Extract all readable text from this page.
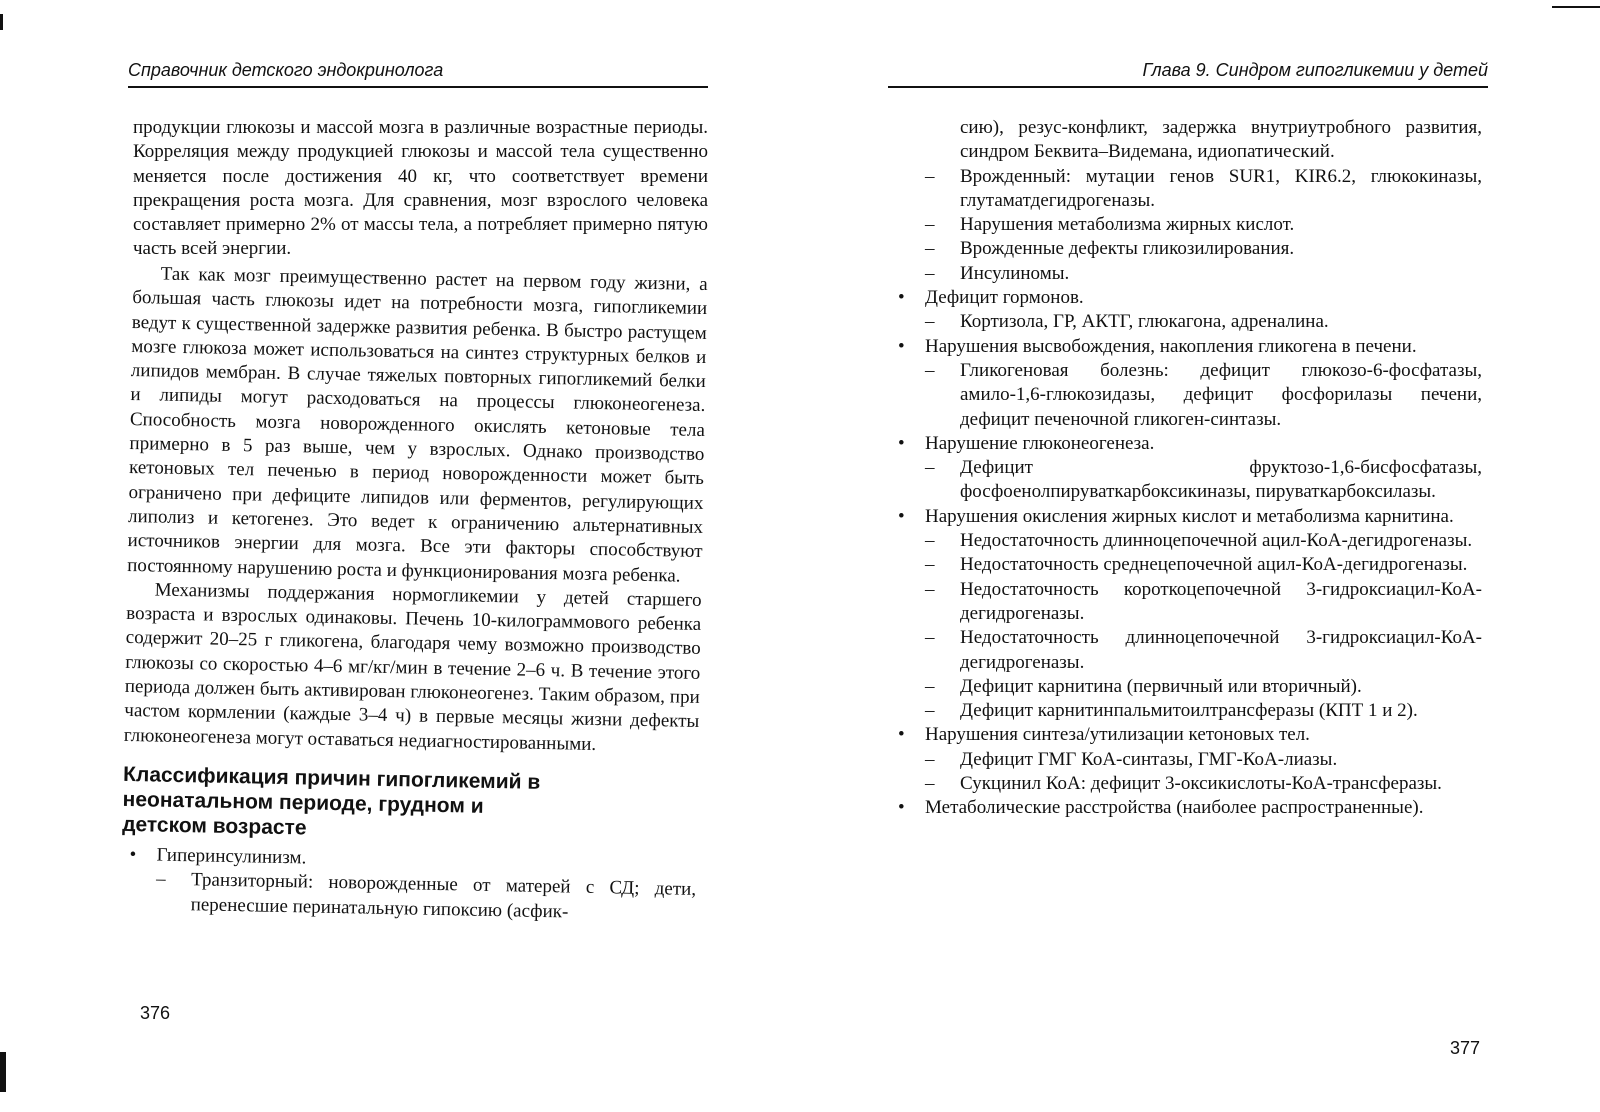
Справочник детского эндокринолога

продукции глюкозы и массой мозга в различные возрастные периоды. Корреляция между продукцией глюкозы и массой тела существенно меняется после достижения 40 кг, что соответствует времени прекращения роста мозга. Для сравнения, мозг взрослого человека составляет примерно 2% от массы тела, а потребляет примерно пятую часть всей энергии.

Так как мозг преимущественно растет на первом году жизни, а большая часть глюкозы идет на потребности мозга, гипогликемии ведут к существенной задержке развития ребенка. В быстро растущем мозге глюкоза может использоваться на синтез структурных белков и липидов мембран. В случае тяжелых повторных гипогликемий белки и липиды могут расходоваться на процессы глюконеогенеза. Способность мозга новорожденного окислять кетоновые тела примерно в 5 раз выше, чем у взрослых. Однако производство кетоновых тел печенью в период новорожденности может быть ограничено при дефиците липидов или ферментов, регулирующих липолиз и кетогенез. Это ведет к ограничению альтернативных источников энергии для мозга. Все эти факторы способствуют постоянному нарушению роста и функционирования мозга ребенка.

Механизмы поддержания нормогликемии у детей старшего возраста и взрослых одинаковы. Печень 10-килограммового ребенка содержит 20–25 г гликогена, благодаря чему возможно производство глюкозы со скоростью 4–6 мг/кг/мин в течение 2–6 ч. В течение этого периода должен быть активирован глюконеогенез. Таким образом, при частом кормлении (каждые 3–4 ч) в первые месяцы жизни дефекты глюконеогенеза могут оставаться недиагностированными.

Классификация причин гипогликемий в неонатальном периоде, грудном и детском возрасте
• Гиперинсулинизм.
– Транзиторный: новорожденные от матерей с СД; дети, перенесшие перинатальную гипоксию (асфик-
376
Глава 9. Синдром гипогликемии у детей
сию), резус-конфликт, задержка внутриутробного развития, синдром Беквита–Видемана, идиопатический.
– Врожденный: мутации генов SUR1, KIR6.2, глюкокиназы, глутаматдегидрогеназы.
– Нарушения метаболизма жирных кислот.
– Врожденные дефекты гликозилирования.
– Инсулиномы.
• Дефицит гормонов.
– Кортизола, ГР, АКТГ, глюкагона, адреналина.
• Нарушения высвобождения, накопления гликогена в печени.
– Гликогеновая болезнь: дефицит глюкозо-6-фосфатазы, амило-1,6-глюкозидазы, дефицит фосфорилазы печени, дефицит печеночной гликоген-синтазы.
• Нарушение глюконеогенеза.
– Дефицит фруктозо-1,6-бисфосфатазы, фосфоенолпируваткарбоксикиназы, пируваткарбоксилазы.
• Нарушения окисления жирных кислот и метаболизма карнитина.
– Недостаточность длинноцепочечной ацил-КоА-дегидрогеназы.
– Недостаточность среднецепочечной ацил-КоА-дегидрогеназы.
– Недостаточность короткоцепочечной 3-гидроксиацил-КоА-дегидрогеназы.
– Недостаточность длинноцепочечной 3-гидроксиацил-КоА-дегидрогеназы.
– Дефицит карнитина (первичный или вторичный).
– Дефицит карнитинпальмитоилтрансферазы (КПТ 1 и 2).
• Нарушения синтеза/утилизации кетоновых тел.
– Дефицит ГМГ КоА-синтазы, ГМГ-КоА-лиазы.
– Сукцинил КоА: дефицит 3-оксикислоты-КоА-трансферазы.
• Метаболические расстройства (наиболее распространенные).
377
